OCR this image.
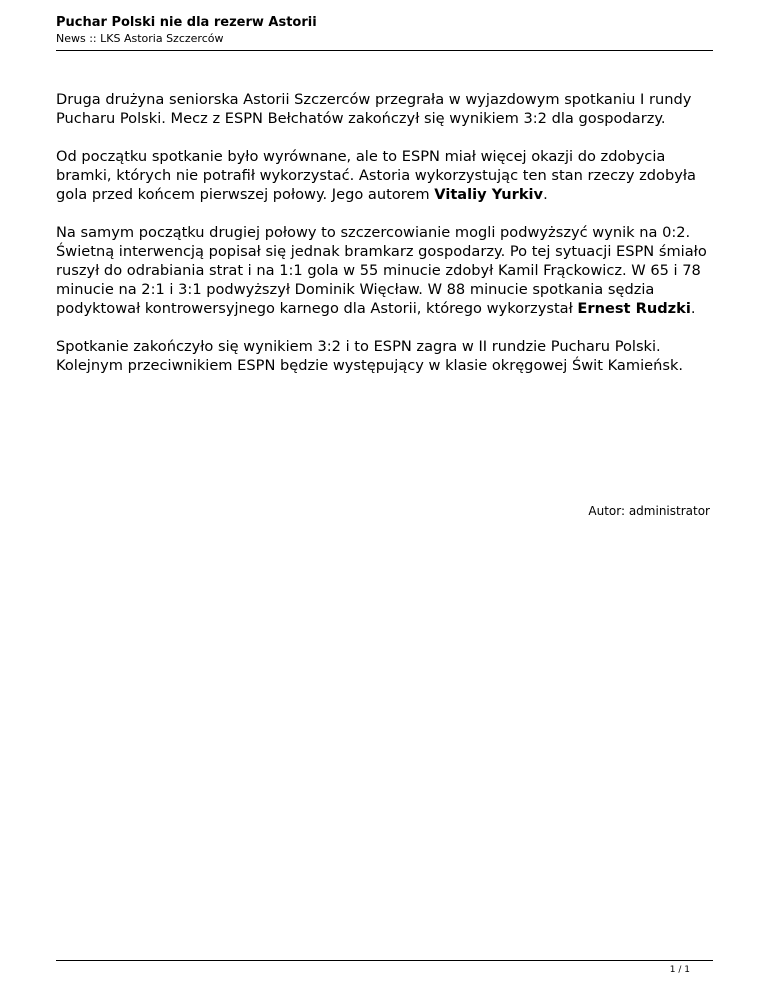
Puchar Polski nie dla rezerw Astorii
News :: LKS Astoria Szczerców

Druga drużyna seniorska Astorii Szczerców przegrała w wyjazdowym spotkaniu I rundy Pucharu Polski. Mecz z ESPN Bełchatów zakończył się wynikiem 3:2 dla gospodarzy.

Od początku spotkanie było wyrównane, ale to ESPN miał więcej okazji do zdobycia bramki, których nie potrafił wykorzystać. Astoria wykorzystując ten stan rzeczy zdobyła gola przed końcem pierwszej połowy. Jego autorem Vitaliy Yurkiv.

Na samym początku drugiej połowy to szczercowianie mogli podwyższyć wynik na 0:2. Świetną interwencją popisał się jednak bramkarz gospodarzy. Po tej sytuacji ESPN śmiało ruszył do odrabiania strat i na 1:1 gola w 55 minucie zdobył Kamil Frąckowicz. W 65 i 78 minucie na 2:1 i 3:1 podwyższył Dominik Więcław. W 88 minucie spotkania sędzia podyktował kontrowersyjnego karnego dla Astorii, którego wykorzystał Ernest Rudzki.

Spotkanie zakończyło się wynikiem 3:2 i to ESPN zagra w II rundzie Pucharu Polski. Kolejnym przeciwnikiem ESPN będzie występujący w klasie okręgowej Świt Kamieńsk.

Autor: administrator
1 / 1
